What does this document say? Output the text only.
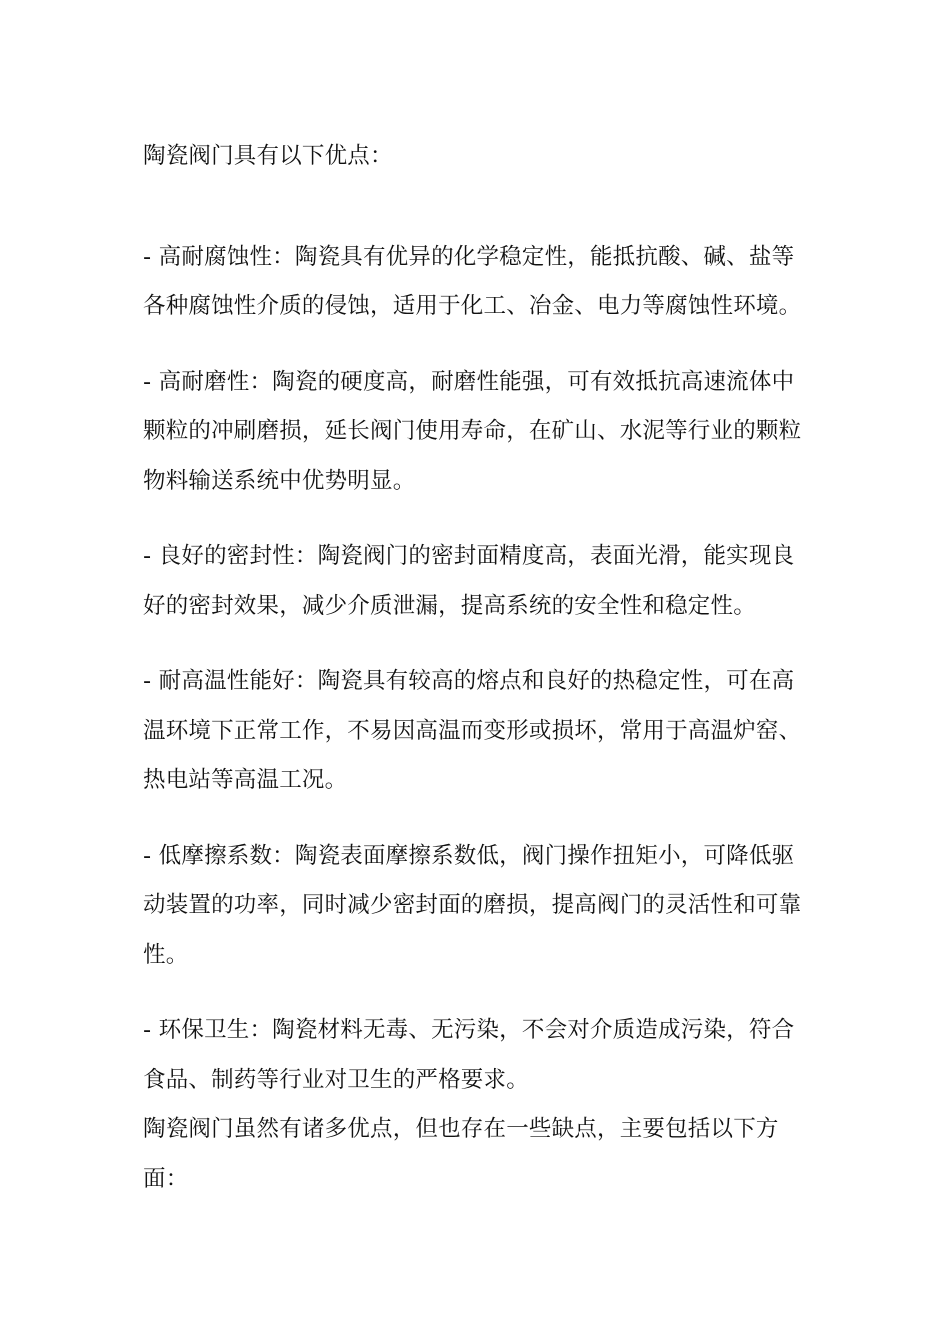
陶瓷阀门具有以下优点：

- 高耐腐蚀性：陶瓷具有优异的化学稳定性，能抵抗酸、碱、盐等各种腐蚀性介质的侵蚀，适用于化工、冶金、电力等腐蚀性环境。

- 高耐磨性：陶瓷的硬度高，耐磨性能强，可有效抵抗高速流体中颗粒的冲刷磨损，延长阀门使用寿命，在矿山、水泥等行业的颗粒物料输送系统中优势明显。

- 良好的密封性：陶瓷阀门的密封面精度高，表面光滑，能实现良好的密封效果，减少介质泄漏，提高系统的安全性和稳定性。

- 耐高温性能好：陶瓷具有较高的熔点和良好的热稳定性，可在高温环境下正常工作，不易因高温而变形或损坏，常用于高温炉窑、热电站等高温工况。

- 低摩擦系数：陶瓷表面摩擦系数低，阀门操作扭矩小，可降低驱动装置的功率，同时减少密封面的磨损，提高阀门的灵活性和可靠性。

- 环保卫生：陶瓷材料无毒、无污染，不会对介质造成污染，符合食品、制药等行业对卫生的严格要求。

陶瓷阀门虽然有诸多优点，但也存在一些缺点，主要包括以下方面：
